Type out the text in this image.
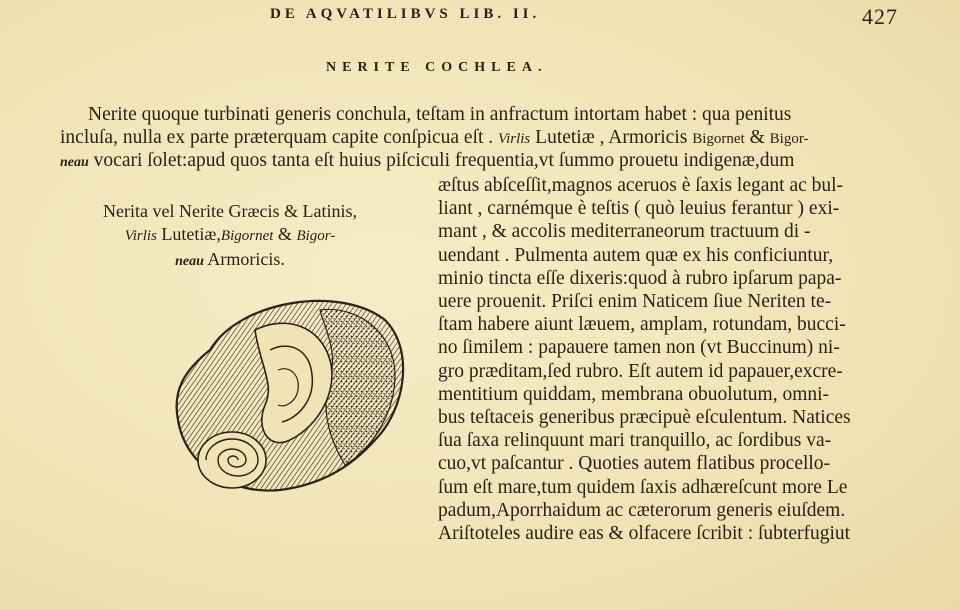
DE AQVATILIBVS LIB. II.	427
NERITE COCHLEA.
Nerite quoque turbinati generis conchula, teſtam in anfractum intortam habet : qua penitus
incluſa, nulla ex parte præterquam capite conſpicua eſt . Virlis Lutetiæ , Armoricis Bigornet & Bigor-
neau vocari ſolet:apud quos tanta eſt huius piſciculi frequentia,vt ſummo prouetu indigenæ,dum
Nerita vel Nerite Græcis & Latinis,
Virlis Lutetiæ,Bigornet & Bigor-
neau Armoricis.
æſtus abſceſſit,magnos aceruos è ſaxis legant ac bul-
liant , carnémque è teſtis ( quò leuius ferantur ) exi-
mant , & accolis mediterraneorum tractuum di -
uendant . Pulmenta autem quæ ex his conficiuntur,
minio tincta eſſe dixeris:quod à rubro ipſarum papa-
uere prouenit. Priſci enim Naticem ſiue Neriten te-
ſtam habere aiunt læuem, amplam, rotundam, bucci-
no ſimilem : papauere tamen non (vt Buccinum) ni-
gro præditam,ſed rubro. Eſt autem id papauer,excre-
mentitium quiddam, membrana obuolutum, omni-
bus teſtaceis generibus præcipuè eſculentum. Natices
ſua ſaxa relinquunt mari tranquillo, ac ſordibus va-
cuo,vt paſcantur . Quoties autem flatibus procello-
ſum eſt mare,tum quidem ſaxis adhæreſcunt more Le
padum,Aporrhaidum ac cæterorum generis eiuſdem.
Ariſtoteles audire eas & olfacere ſcribit : ſubterfugiut
